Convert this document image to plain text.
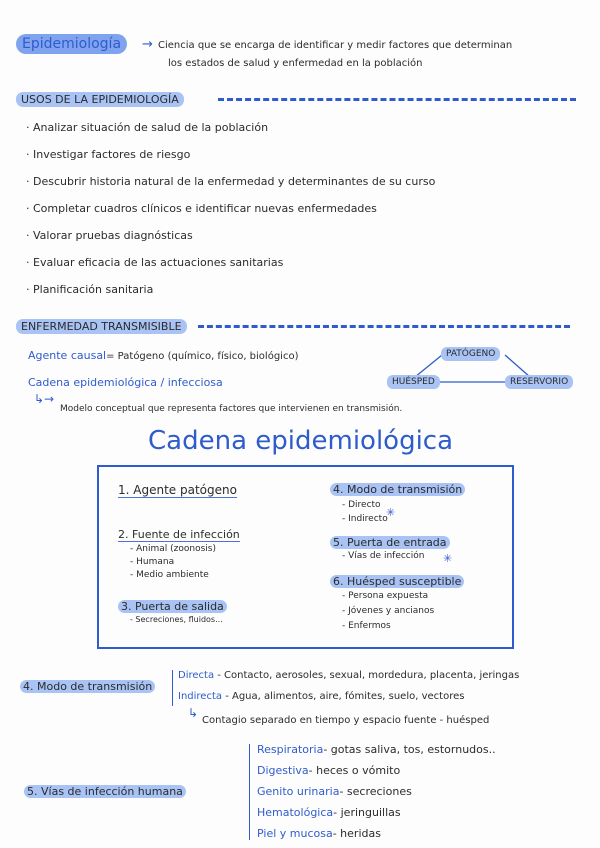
Epidemiología	→ Ciencia que se encarga de identificar y medir factores que determinan
los estados de salud y enfermedad en la población
USOS DE LA EPIDEMIOLOGÍA
· Analizar situación de salud de la población
· Investigar factores de riesgo
· Descubrir historia natural de la enfermedad y determinantes de su curso
· Completar cuadros clínicos e identificar nuevas enfermedades
· Valorar pruebas diagnósticas
· Evaluar eficacia de las actuaciones sanitarias
· Planificación sanitaria
ENFERMEDAD TRANSMISIBLE
Agente causal= Patógeno (químico, físico, biológico)
Cadena epidemiológica / infecciosa
↳→
Modelo conceptual que representa factores que intervienen en transmisión.
PATÓGENO
HUÉSPED	RESERVORIO
Cadena epidemiológica
1. Agente patógeno
2. Fuente de infección
- Animal (zoonosis)
- Humana
- Medio ambiente
3. Puerta de salida
- Secreciones, fluidos...
4. Modo de transmisión
- Directo
- Indirecto
✳
5. Puerta de entrada
- Vías de infección ✳
6. Huésped susceptible
- Persona expuesta
- Jóvenes y ancianos
- Enfermos
4. Modo de transmisión
Directa - Contacto, aerosoles, sexual, mordedura, placenta, jeringas
Indirecta - Agua, alimentos, aire, fómites, suelo, vectores
↳
Contagio separado en tiempo y espacio fuente - huésped
5. Vías de infección humana
Respiratoria- gotas saliva, tos, estornudos..
Digestiva- heces o vómito
Genito urinaria- secreciones
Hematológica- jeringuillas
Piel y mucosa- heridas
